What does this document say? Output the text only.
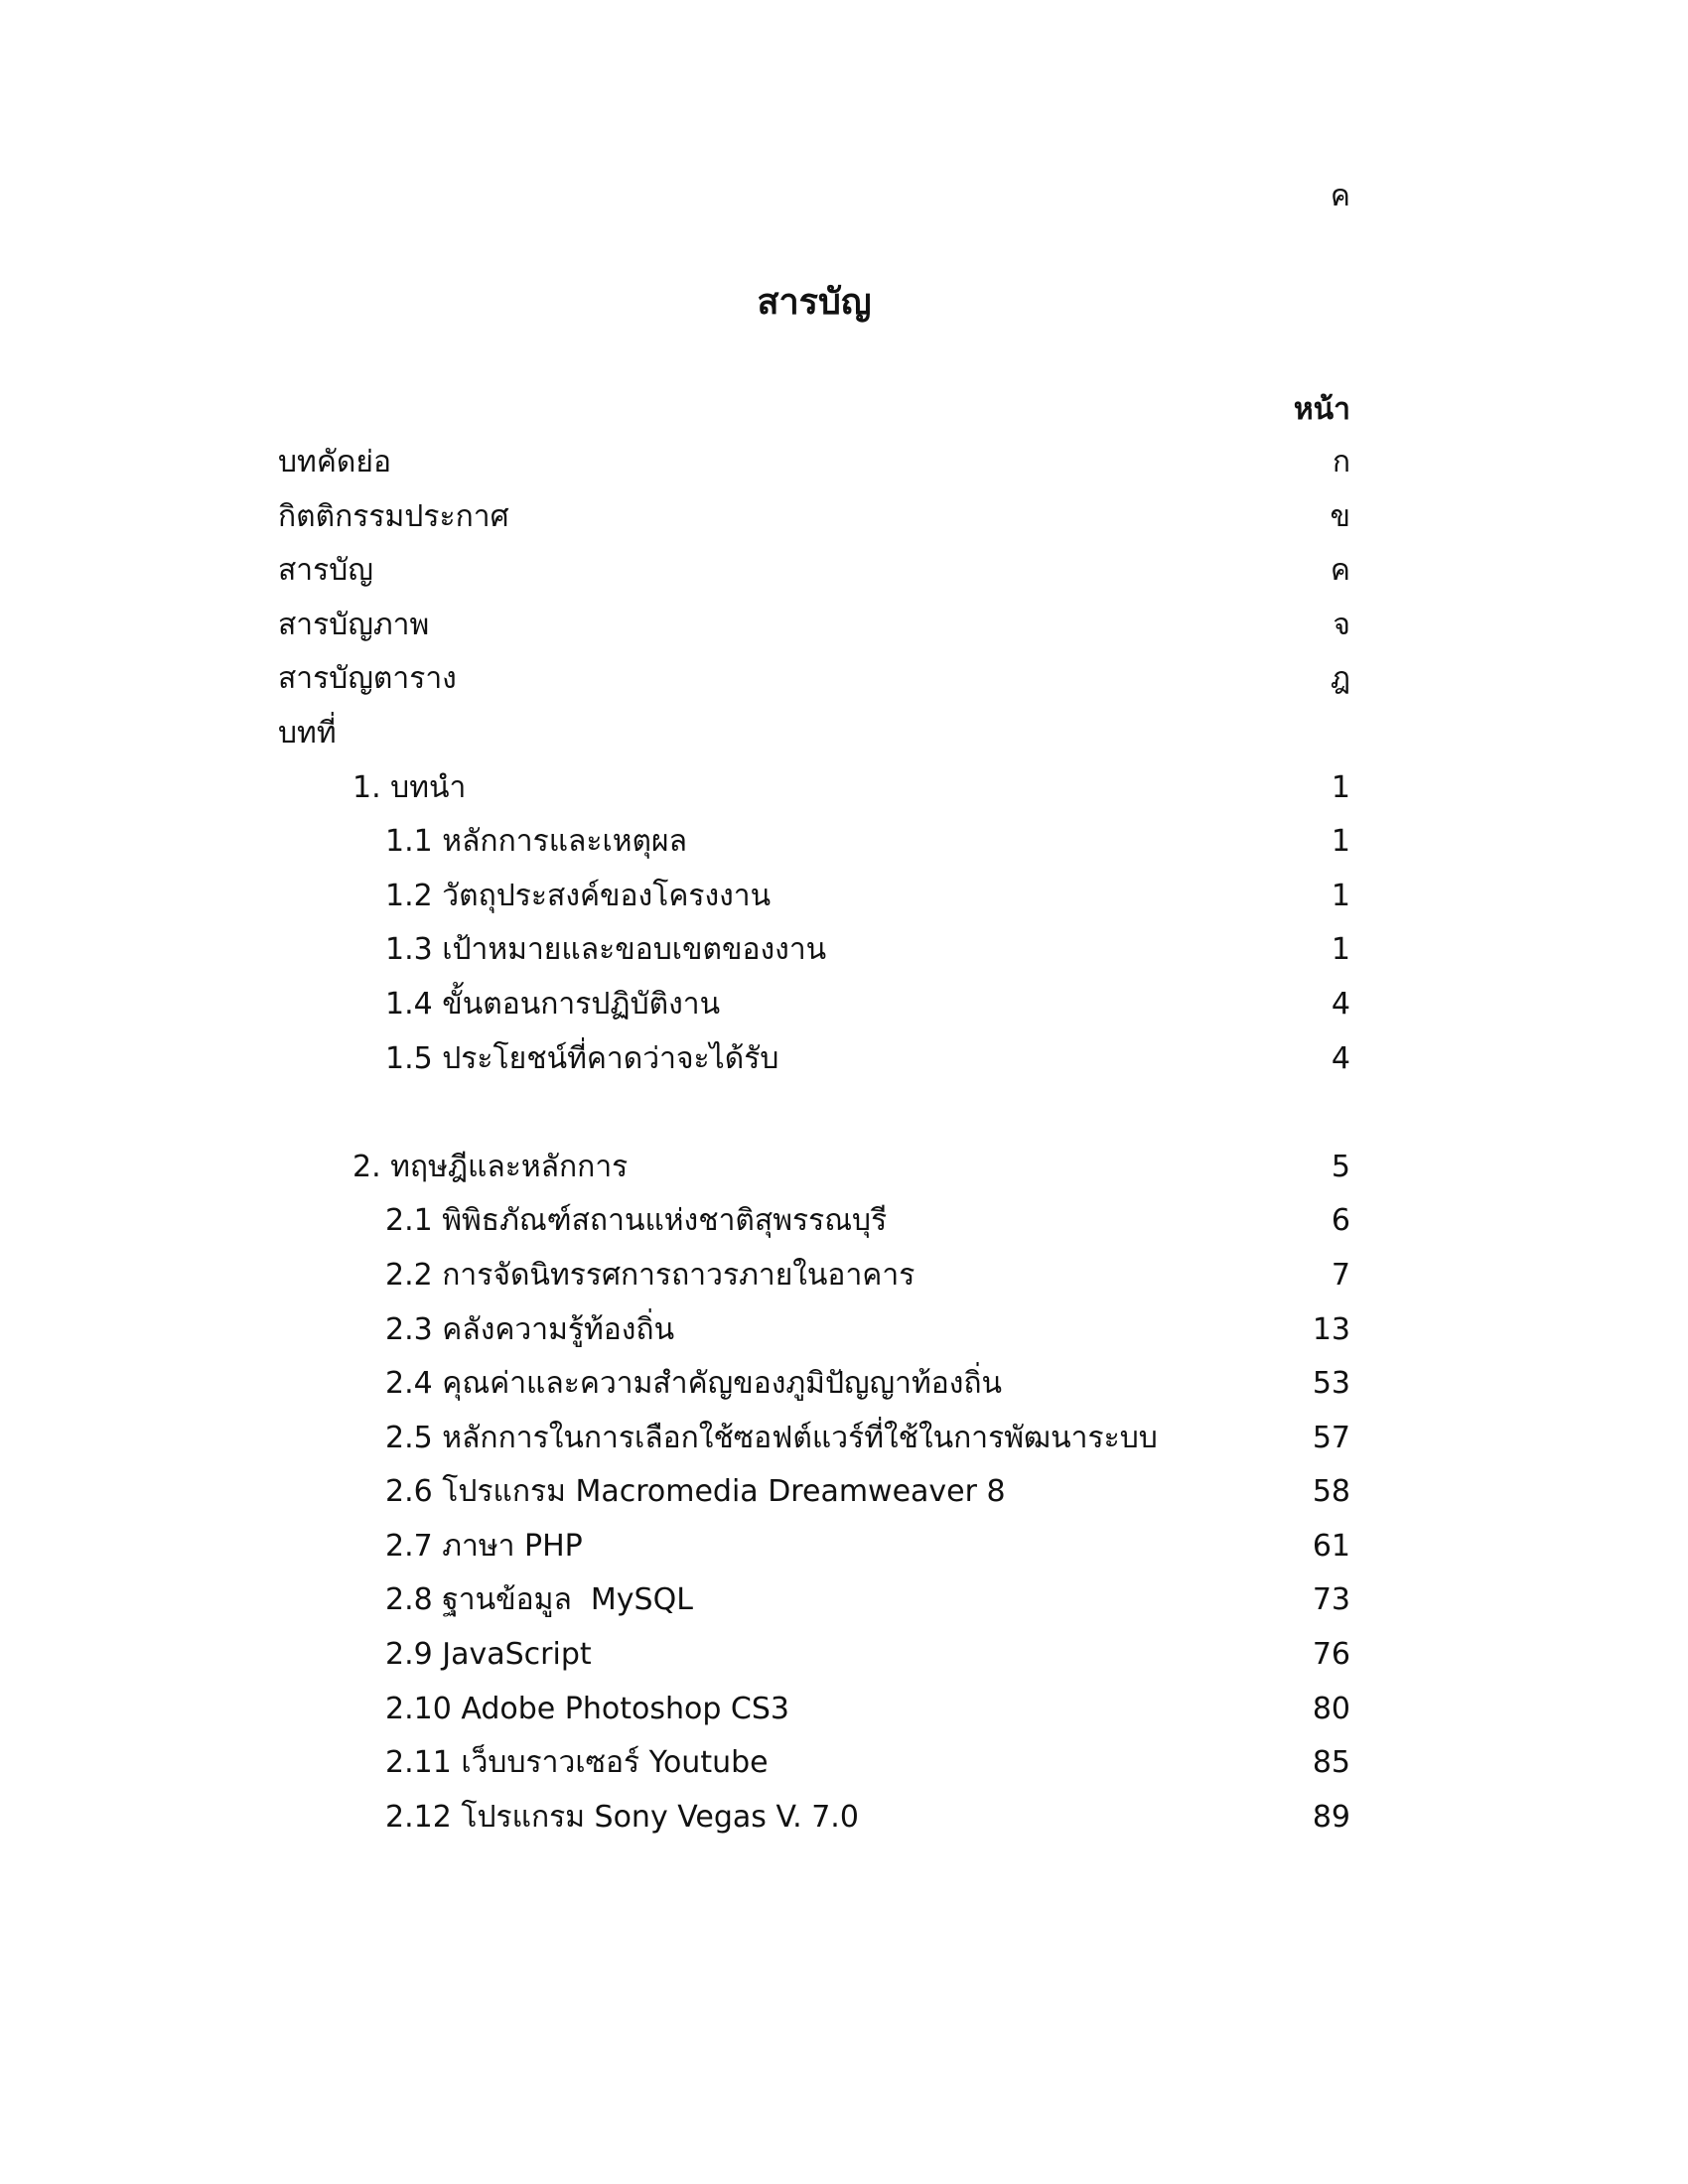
ค
สารบัญ
หน้า
บทคัดย่อ	ก
กิตติกรรมประกาศ	ข
สารบัญ	ค
สารบัญภาพ	จ
สารบัญตาราง	ฎ
บทที่
1. บทนำ	1
1.1 หลักการและเหตุผล	1
1.2 วัตถุประสงค์ของโครงงาน	1
1.3 เป้าหมายและขอบเขตของงาน	1
1.4 ขั้นตอนการปฏิบัติงาน	4
1.5 ประโยชน์ที่คาดว่าจะได้รับ	4
2. ทฤษฎีและหลักการ	5
2.1 พิพิธภัณฑ์สถานแห่งชาติสุพรรณบุรี	6
2.2 การจัดนิทรรศการถาวรภายในอาคาร	7
2.3 คลังความรู้ท้องถิ่น	13
2.4 คุณค่าและความสำคัญของภูมิปัญญาท้องถิ่น	53
2.5 หลักการในการเลือกใช้ซอฟต์แวร์ที่ใช้ในการพัฒนาระบบ	57
2.6 โปรแกรม Macromedia Dreamweaver 8	58
2.7 ภาษา PHP	61
2.8 ฐานข้อมูล  MySQL	73
2.9 JavaScript	76
2.10 Adobe Photoshop CS3	80
2.11 เว็บบราวเซอร์ Youtube	85
2.12 โปรแกรม Sony Vegas V. 7.0	89
